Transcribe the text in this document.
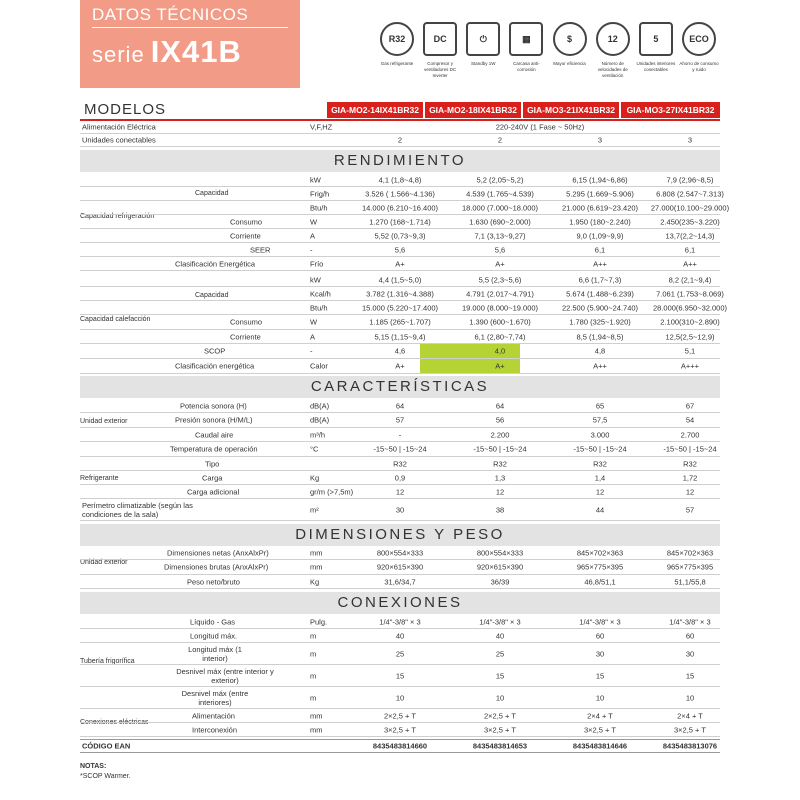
DATOS TÉCNICOS
serie IX41B	R32
Gas refrigerante
DC
Compresor y ventiladores DC Inverter
⏻
Standby 1W
▦
Carcasa anti-corrosión
$
Mayor eficiencia
12
Número de velocidades de ventilación
5
Unidades interiores conectables
ECO
Ahorro de consumo y ruido
MODELOS	GIA-MO2-14IX41BR32	GIA-MO2-18IX41BR32	GIA-MO3-21IX41BR32	GIA-MO3-27IX41BR32
Alimentación Eléctrica	V,F,HZ	220-240V (1 Fase ~ 50Hz)
Unidades conectables	2	2	3	3
RENDIMIENTO
Capacidad refrigeración
Capacidad
kW	4,1 (1,8~4,8)	5,2 (2,05~5,2)	6,15 (1,94~6,86)	7,9 (2,96~8,5)
Frig/h	3.526 ( 1.566~4.136)	4.539 (1.765~4.539)	5.295 (1.669~5.906)	6.808 (2.547~7.313)
Btu/h	14.000 (6.210~16.400)	18.000 (7.000~18.000)	21.000 (6.619~23.420)	27.000(10.100~29.000)
Consumo	W	1.270 (168~1.714)	1.630 (690~2.000)	1.950 (180~2.240)	2.450(235~3.220)
Corriente	A	5,52 (0,73~9,3)	7,1 (3,13~9,27)	9,0 (1,09~9,9)	13,7(2,2~14,3)
SEER	-	5,6	5,6	6,1	6,1
Clasificación Energética	Frío	A+	A+	A++	A++
Capacidad calefacción
Capacidad
kW	4,4 (1,5~5,0)	5,5 (2,3~5,6)	6,6 (1,7~7,3)	8,2 (2,1~9,4)
Kcal/h	3.782 (1.316~4.388)	4.791 (2.017~4.791)	5.674 (1.488~6.239)	7.061 (1.753~8.069)
Btu/h	15.000 (5.220~17.400)	19.000 (8.000~19.000)	22.500 (5.900~24.740)	28.000(6.950~32.000)
Consumo	W	1.185 (265~1.707)	1.390 (600~1.670)	1.780 (325~1.920)	2.100(310~2.890)
Corriente	A	5,15 (1,15~9,4)	6,1 (2,80~7,74)	8,5 (1,94~8,5)	12,5(2,5~12,9)
SCOP	-	4,6	4,0	4,8	5,1
Clasificación energética	Calor	A+	A+	A++	A+++
CARACTERÍSTICAS
Unidad exterior
Potencia sonora (H)	dB(A)	64	64	65	67
Presión sonora (H/M/L)	dB(A)	57	56	57,5	54
Caudal aire	m³/h	-	2.200	3.000	2.700
Temperatura de operación	°C	-15~50 | -15~24	-15~50 | -15~24	-15~50 | -15~24	-15~50 | -15~24
Refrigerante
Tipo	R32	R32	R32	R32
Carga	Kg	0,9	1,3	1,4	1,72
Carga adicional	gr/m (>7,5m)	12	12	12	12
Perímetro climatizable (según las condiciones de la sala)	m²	30	38	44	57
DIMENSIONES Y PESO
Unidad exterior
Dimensiones netas (AnxAlxPr)	mm	800×554×333	800×554×333	845×702×363	845×702×363
Dimensiones brutas (AnxAlxPr)	mm	920×615×390	920×615×390	965×775×395	965×775×395
Peso neto/bruto	Kg	31,6/34,7	36/39	46,8/51,1	51,1/55,8
CONEXIONES
Tubería frigorífica
Líquido - Gas	Pulg.	1/4"-3/8" × 3	1/4"-3/8" × 3	1/4"-3/8" × 3	1/4"-3/8" × 3
Longitud máx.	m	40	40	60	60
Longitud máx (1 interior)	m	25	25	30	30
Desnivel máx (entre interior y exterior)	m	15	15	15	15
Desnivel máx (entre interiores)	m	10	10	10	10
Conexiones eléctricas
Alimentación	mm	2×2,5 + T	2×2,5 + T	2×4 + T	2×4 + T
Interconexión	mm	3×2,5 + T	3×2,5 + T	3×2,5 + T	3×2,5 + T
CÓDIGO EAN	8435483814660	8435483814653	8435483814646	8435483813076
NOTAS:
*SCOP Warmer.
